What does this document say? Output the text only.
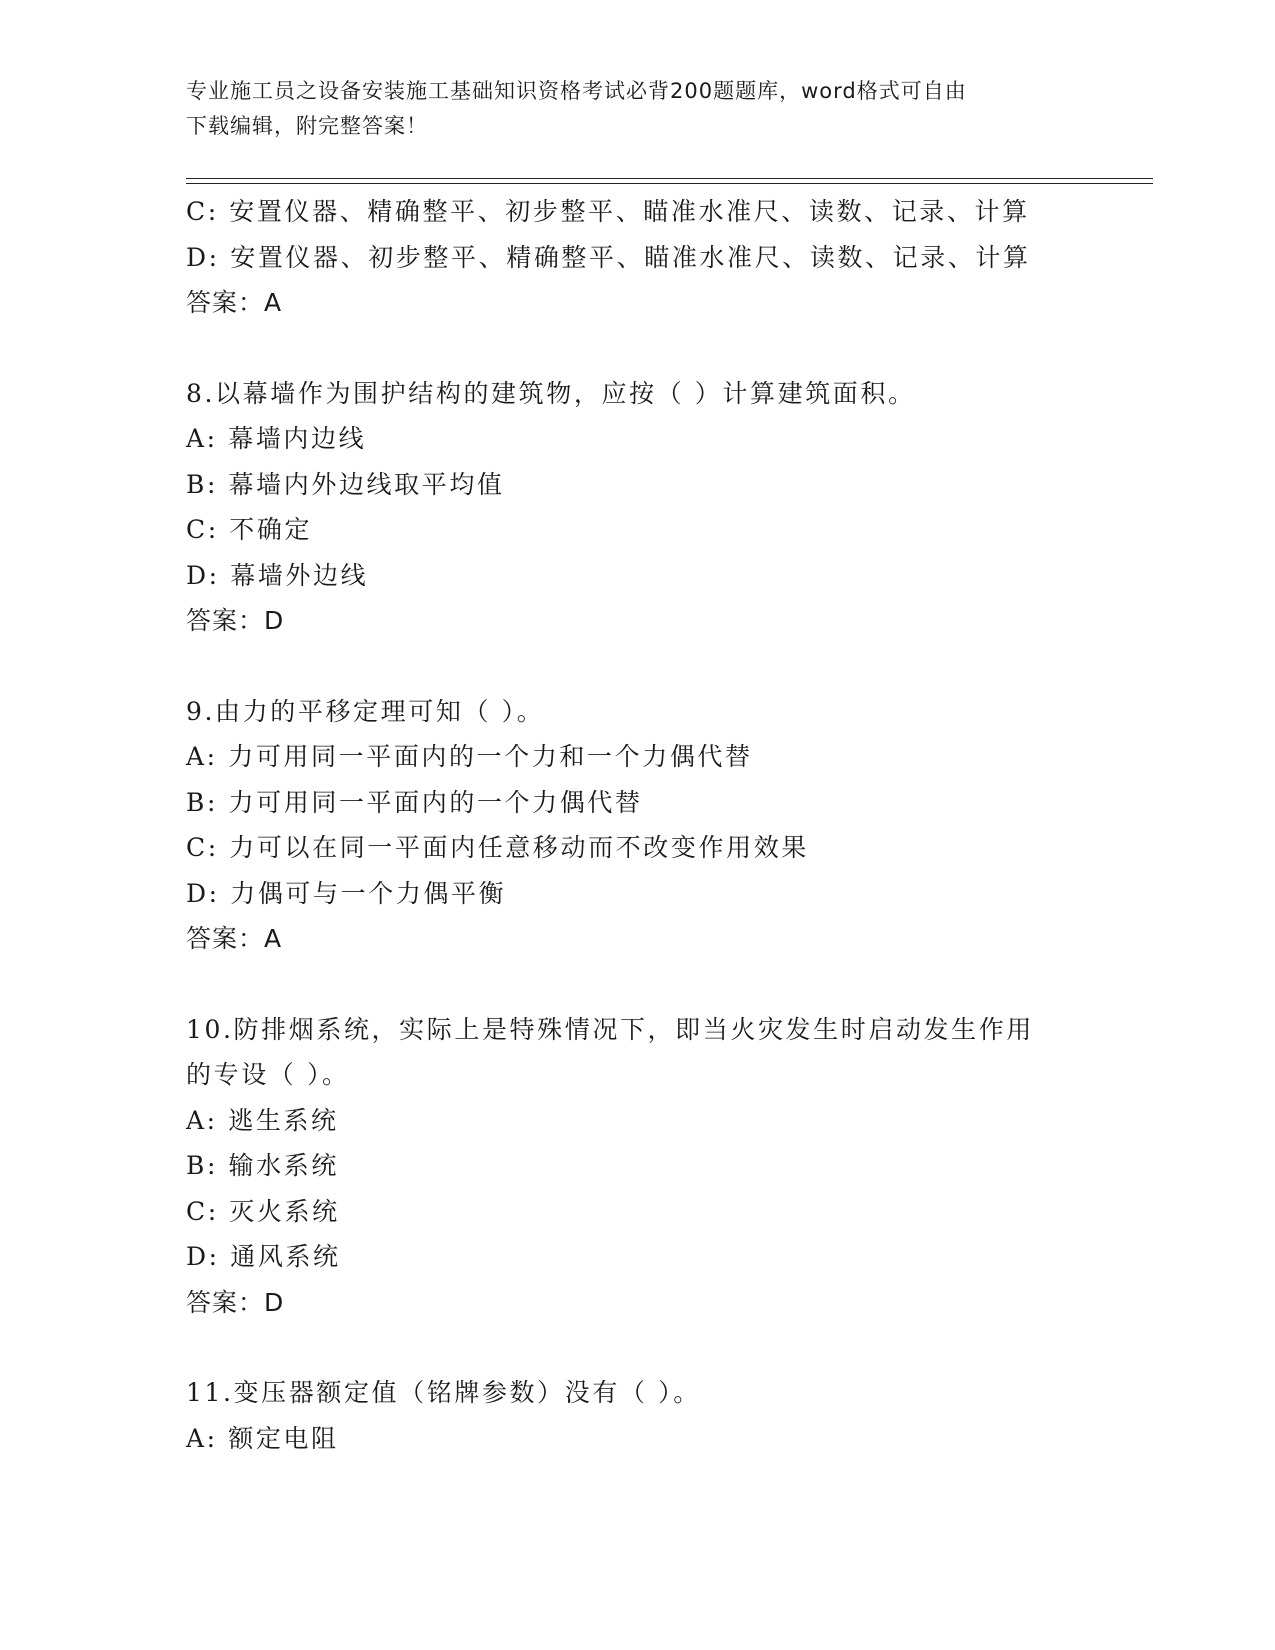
专业施工员之设备安装施工基础知识资格考试必背200题题库，word格式可自由
下载编辑，附完整答案！
C: 安置仪器、精确整平、初步整平、瞄准水准尺、读数、记录、计算
D: 安置仪器、初步整平、精确整平、瞄准水准尺、读数、记录、计算
答案：A
8.以幕墙作为围护结构的建筑物，应按（ ）计算建筑面积。
A: 幕墙内边线
B: 幕墙内外边线取平均值
C: 不确定
D: 幕墙外边线
答案：D
9.由力的平移定理可知（ ）。
A: 力可用同一平面内的一个力和一个力偶代替
B: 力可用同一平面内的一个力偶代替
C: 力可以在同一平面内任意移动而不改变作用效果
D: 力偶可与一个力偶平衡
答案：A
10.防排烟系统，实际上是特殊情况下，即当火灾发生时启动发生作用
的专设（ ）。
A: 逃生系统
B: 输水系统
C: 灭火系统
D: 通风系统
答案：D
11.变压器额定值（铭牌参数）没有（ ）。
A: 额定电阻
